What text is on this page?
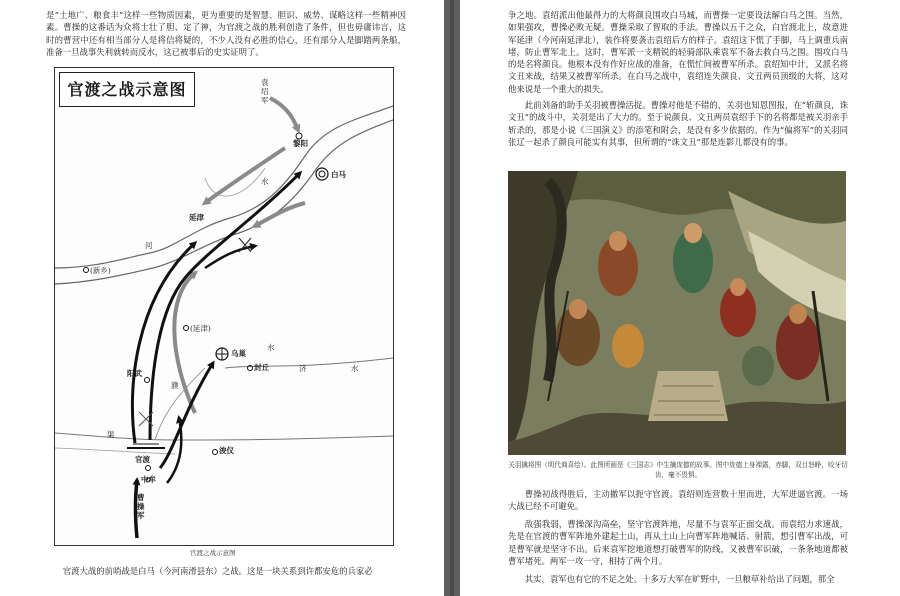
是“土地广、粮食丰”这样一些物质因素，更为重要的是智慧、胆识、威势、谋略这样一些精神因素。曹操的这番话为众将士壮了胆、定了神，为官渡之战的胜利创造了条件，但也毋庸讳言，这时的曹营中还有相当部分人是将信将疑的，不少人没有必胜的信心，还有部分人是脚踏两条船，准备一旦战事失利就转而反水，这已被事后的史实证明了。

官渡之战示意图	袁绍军
黎阳
白马
水
延津
河
(新乡)
(延津)
乌巢
封丘	济	水
水
阳武
濮
渠
官渡
中牟
浚仪
曹操军
官渡之战示意图

官渡大战的前哨战是白马（今河南滑县东）之战。这是一块关系到许都安危的兵家必

争之地。袁绍派出他最得力的大将颜良围攻白马城，而曹操一定要设法解白马之围。当然，如果强攻，曹操必败无疑。曹操采取了智取的手法。曹操以五千之众，白官渡北上，故意进军延津（今河南延津北），装作将要袭击袁绍后方的样子。袁绍这下慌了手脚，马上调重兵南堵，防止曹军北上。这时，曹军派一支精锐的轻骑部队乘袁军不备去救白马之围。围攻白马的是名将颜良。他根本没有作好应战的准备，在慌忙间被曹军所杀。袁绍知中计，又派名将文丑来战，结果又被曹军所杀。在白马之战中，袁绍连失颜良、文丑两员顶级的大将，这对他来说是一个重大的损失。

此前刘备的助手关羽被曹操活捉。曹操对他是不错的，关羽也知恩图报，在“斩颜良，诛文丑”的战斗中，关羽是出了大力的。至于说颜良、文丑两员袁绍手下的名将都是被关羽亲手斩杀的，那是小说《三国演义》的添笔和附会，是没有多少依据的。作为“偏将军”的关羽同张辽一起杀了颜良可能实有其事，但所谓的“诛文丑”那是连影儿都没有的事。

关羽擒将图（明代商喜绘）。此图所画是《三国志》中生擒庞德的故事。图中庞德上身裸露，赤脚，双目怒睁，咬牙切齿，毫不畏惧。

曹操初战得胜后，主动撤军以扼守官渡。袁绍则连营数十里而进，大军进逼官渡。一场大战已经不可避免。

敌强我弱，曹操深沟高垒，坚守官渡阵地，尽量不与袁军正面交战。而袁绍力求速战，先是在官渡的曹军阵地外建起土山，再从土山上向曹军阵地喊话、射箭，想引曹军出战，可是曹军就是坚守不出。后来袁军挖地道想打破曹军的防线，又被曹军识破，一条条地道都被曹军堵死。两军一攻一守，相持了两个月。

其实，袁军也有它的不足之处。十多万大军在旷野中，一旦粮草补给出了问题，那全
